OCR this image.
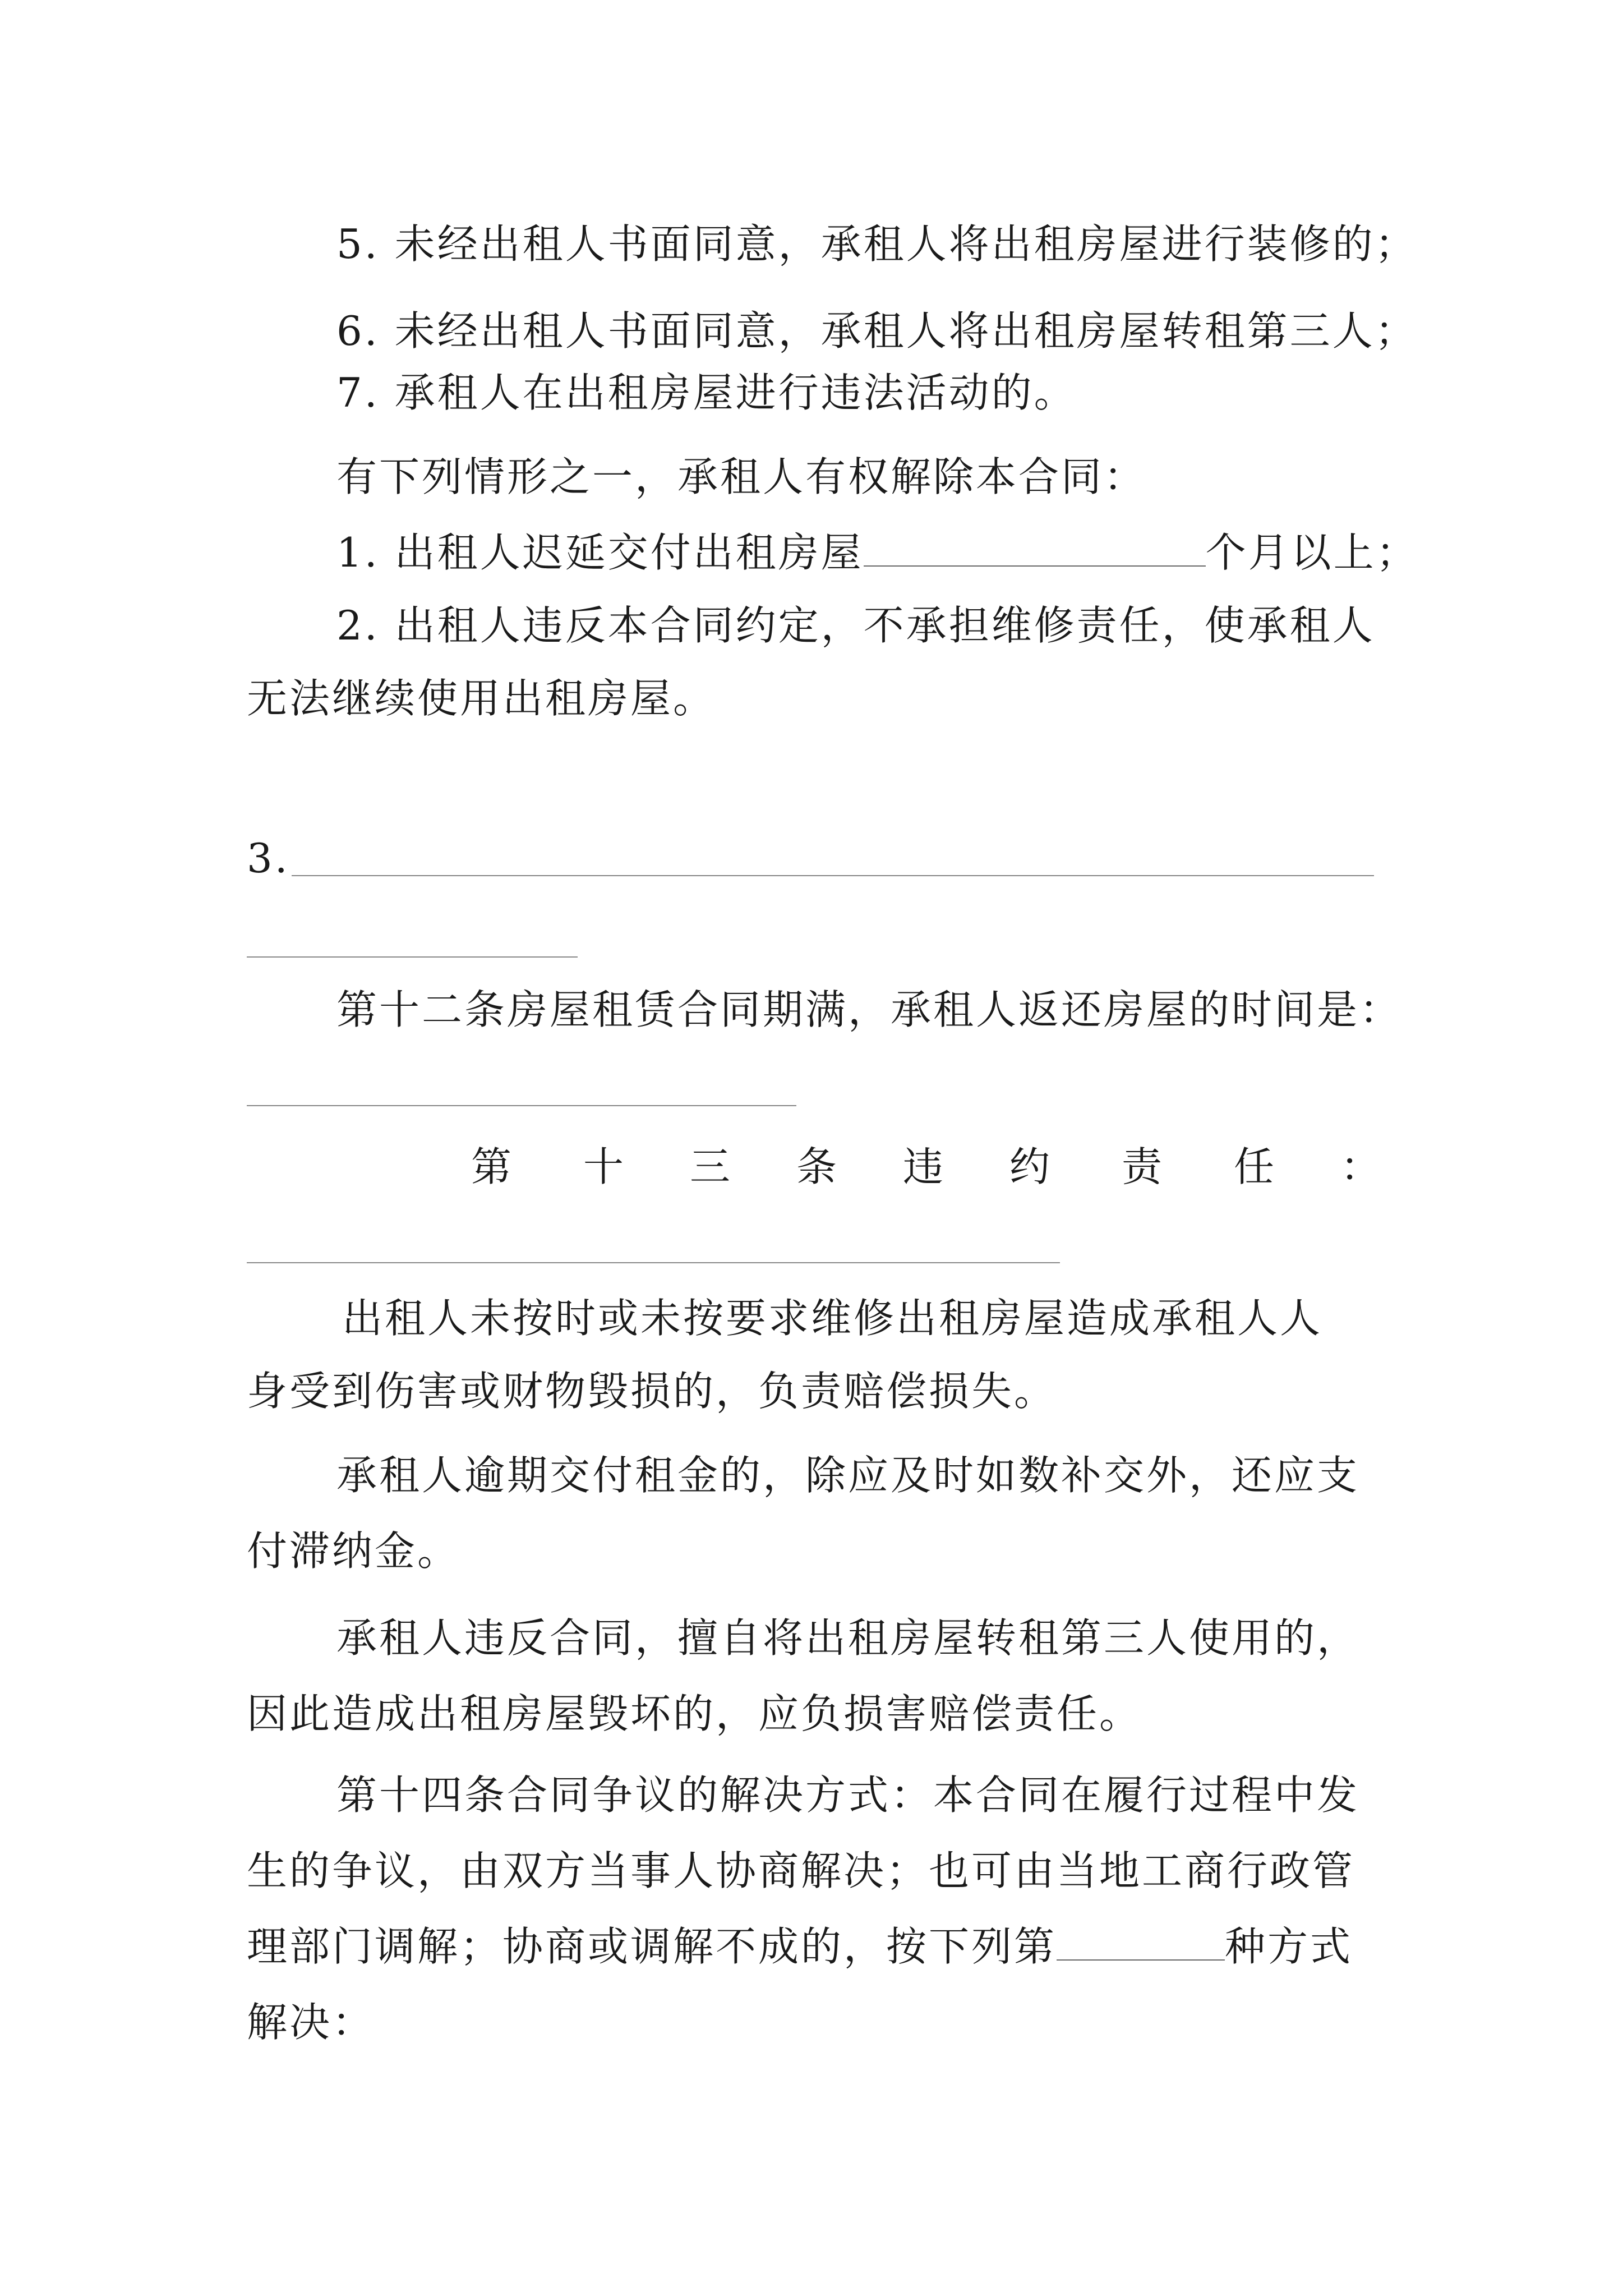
5. 未经出租人书面同意，承租人将出租房屋进行装修的；
6. 未经出租人书面同意，承租人将出租房屋转租第三人；
7. 承租人在出租房屋进行违法活动的。
有下列情形之一，承租人有权解除本合同：
1. 出租人迟延交付出租房屋	个月以上；
2. 出租人违反本合同约定，不承担维修责任，使承租人
无法继续使用出租房屋。
3.
第十二条房屋租赁合同期满，承租人返还房屋的时间是：
第 十 三 条 违 约 责 任 ：
出租人未按时或未按要求维修出租房屋造成承租人人
身受到伤害或财物毁损的，负责赔偿损失。
承租人逾期交付租金的，除应及时如数补交外，还应支
付滞纳金。
承租人违反合同，擅自将出租房屋转租第三人使用的，
因此造成出租房屋毁坏的，应负损害赔偿责任。
第十四条合同争议的解决方式：本合同在履行过程中发
生的争议，由双方当事人协商解决；也可由当地工商行政管
理部门调解；协商或调解不成的，按下列第	种方式
解决：
